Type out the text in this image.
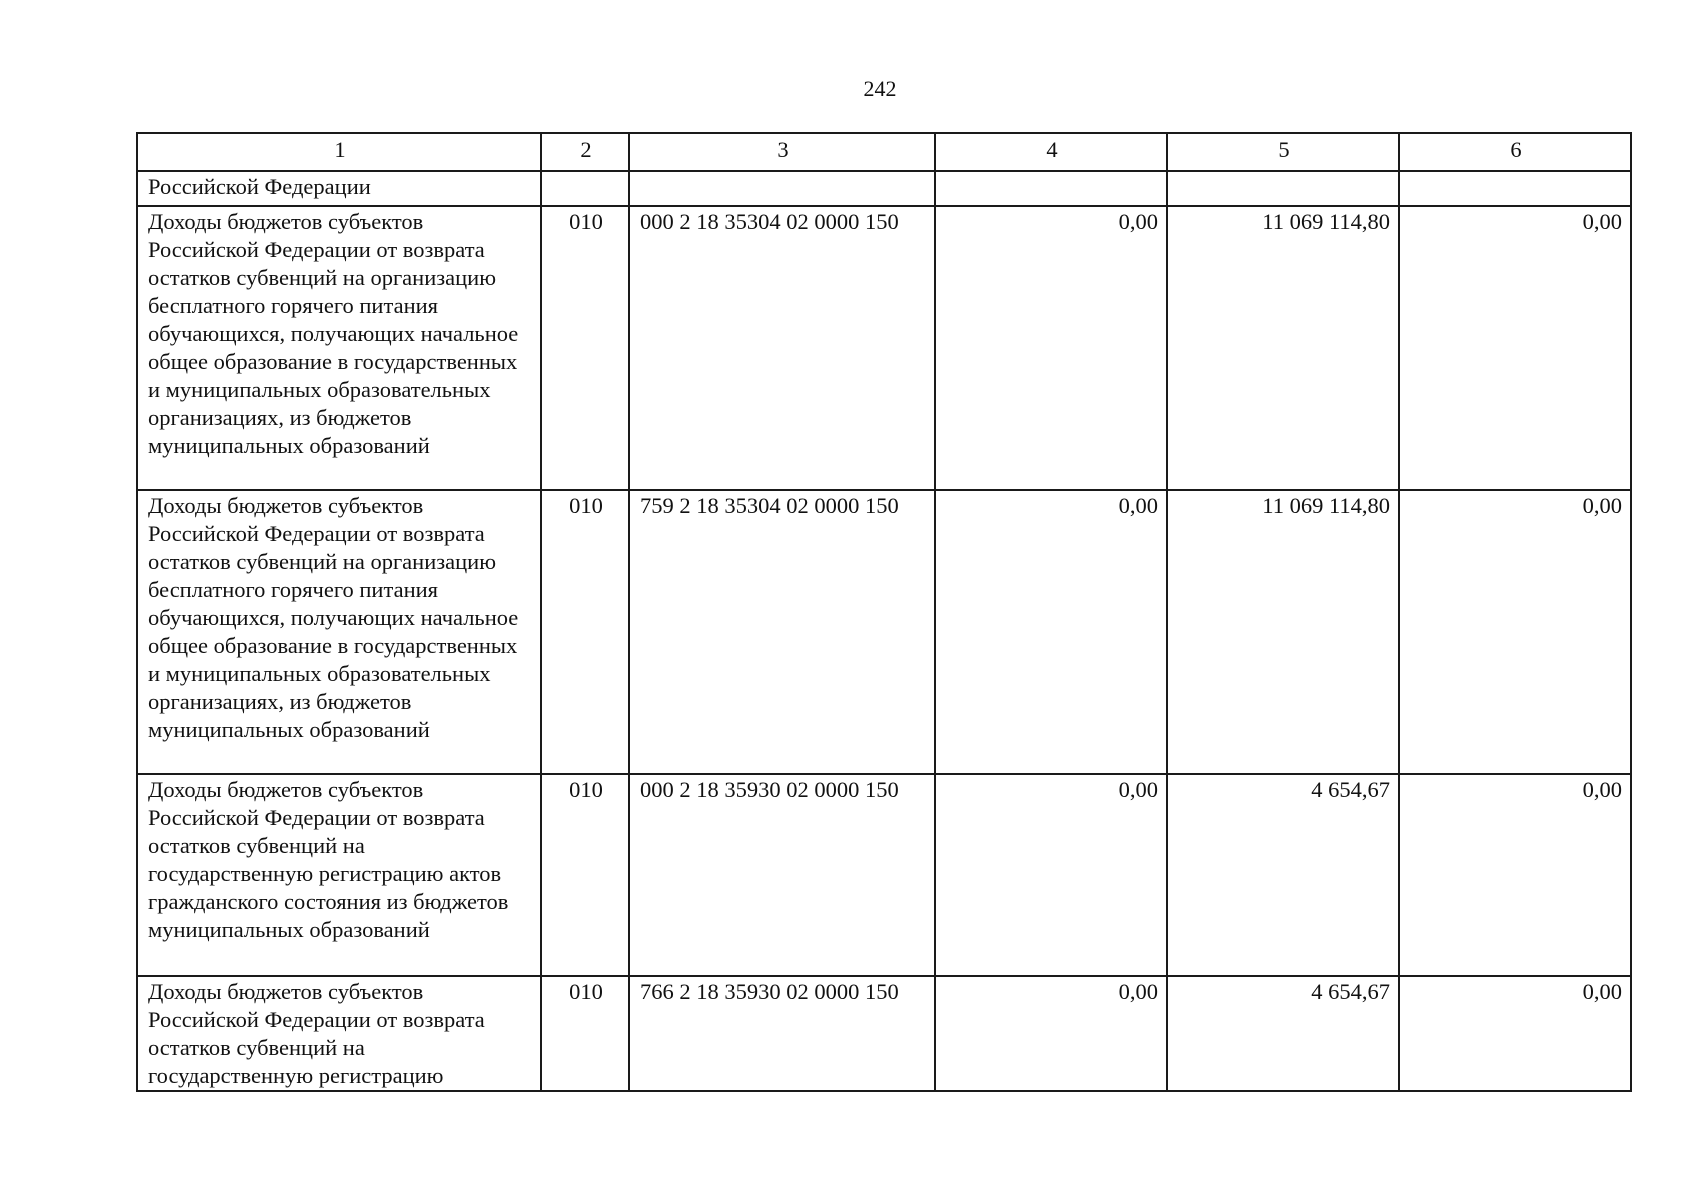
242
1	2	3	4	5	6
Российской Федерации					
Доходы бюджетов субъектов Российской Федерации от возврата остатков субвенций на организацию бесплатного горячего питания обучающихся, получающих начальное общее образование в государственных и муниципальных образовательных организациях, из бюджетов муниципальных образований	010	000 2 18 35304 02 0000 150	0,00	11 069 114,80	0,00
Доходы бюджетов субъектов Российской Федерации от возврата остатков субвенций на организацию бесплатного горячего питания обучающихся, получающих начальное общее образование в государственных и муниципальных образовательных организациях, из бюджетов муниципальных образований	010	759 2 18 35304 02 0000 150	0,00	11 069 114,80	0,00
Доходы бюджетов субъектов Российской Федерации от возврата остатков субвенций на государственную регистрацию актов гражданского состояния из бюджетов муниципальных образований	010	000 2 18 35930 02 0000 150	0,00	4 654,67	0,00
Доходы бюджетов субъектов Российской Федерации от возврата остатков субвенций на государственную регистрацию	010	766 2 18 35930 02 0000 150	0,00	4 654,67	0,00
